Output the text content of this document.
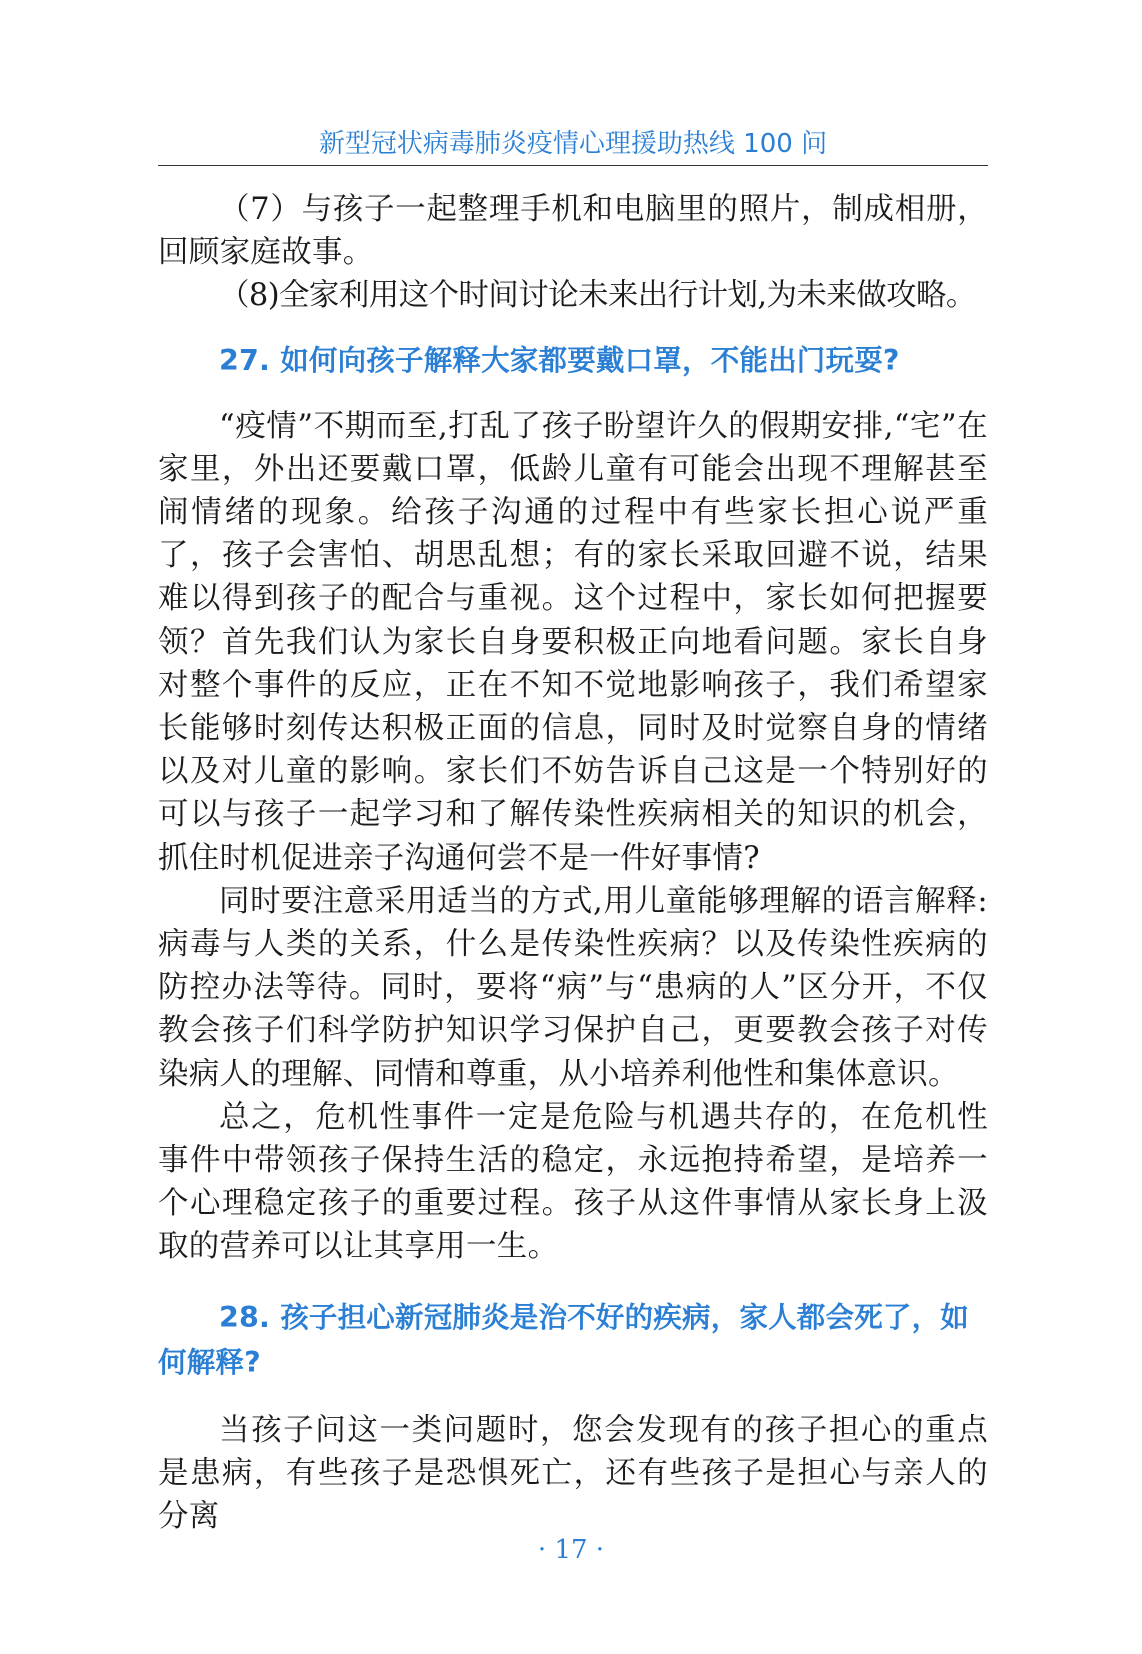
新型冠状病毒肺炎疫情心理援助热线 100 问

（7）与孩子一起整理手机和电脑里的照片，制成相册，回顾家庭故事。

（8)全家利用这个时间讨论未来出行计划,为未来做攻略。

27. 如何向孩子解释大家都要戴口罩，不能出门玩耍?

“疫情”不期而至,打乱了孩子盼望许久的假期安排,“宅”在家里，外出还要戴口罩，低龄儿童有可能会出现不理解甚至闹情绪的现象。给孩子沟通的过程中有些家长担心说严重了，孩子会害怕、胡思乱想；有的家长采取回避不说，结果难以得到孩子的配合与重视。这个过程中，家长如何把握要领？首先我们认为家长自身要积极正向地看问题。家长自身对整个事件的反应，正在不知不觉地影响孩子，我们希望家长能够时刻传达积极正面的信息，同时及时觉察自身的情绪以及对儿童的影响。家长们不妨告诉自己这是一个特别好的可以与孩子一起学习和了解传染性疾病相关的知识的机会，抓住时机促进亲子沟通何尝不是一件好事情?

同时要注意采用适当的方式,用儿童能够理解的语言解释:病毒与人类的关系，什么是传染性疾病？以及传染性疾病的防控办法等待。同时，要将“病”与“患病的人”区分开，不仅教会孩子们科学防护知识学习保护自己，更要教会孩子对传染病人的理解、同情和尊重，从小培养利他性和集体意识。

总之，危机性事件一定是危险与机遇共存的，在危机性事件中带领孩子保持生活的稳定，永远抱持希望，是培养一个心理稳定孩子的重要过程。孩子从这件事情从家长身上汲取的营养可以让其享用一生。

28. 孩子担心新冠肺炎是治不好的疾病，家人都会死了，如何解释?

当孩子问这一类问题时，您会发现有的孩子担心的重点是患病，有些孩子是恐惧死亡，还有些孩子是担心与亲人的分离

· 17 ·
